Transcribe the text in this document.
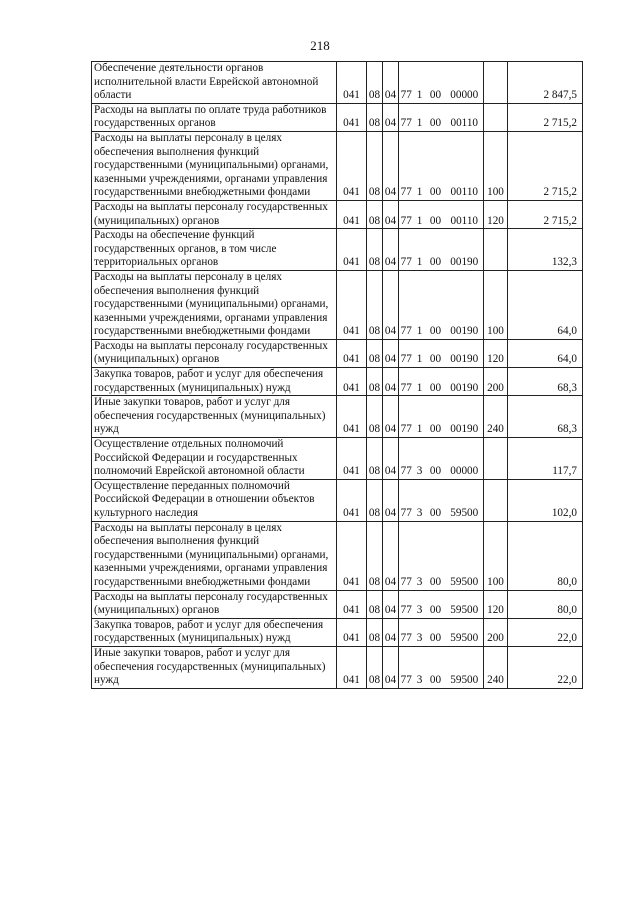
218
Обеспечение деятельности органов исполнительной власти Еврейской автономной области	041	08	04	77	1	00	00000		2 847,5
Расходы на выплаты по оплате труда работников государственных органов	041	08	04	77	1	00	00110		2 715,2
Расходы на выплаты персоналу в целях обеспечения выполнения функций государственными (муниципальными) органами, казенными учреждениями, органами управления государственными внебюджетными фондами	041	08	04	77	1	00	00110	100	2 715,2
Расходы на выплаты персоналу государственных (муниципальных) органов	041	08	04	77	1	00	00110	120	2 715,2
Расходы на обеспечение функций государственных органов, в том числе территориальных органов	041	08	04	77	1	00	00190		132,3
Расходы на выплаты персоналу в целях обеспечения выполнения функций государственными (муниципальными) органами, казенными учреждениями, органами управления государственными внебюджетными фондами	041	08	04	77	1	00	00190	100	64,0
Расходы на выплаты персоналу государственных (муниципальных) органов	041	08	04	77	1	00	00190	120	64,0
Закупка товаров, работ и услуг для обеспечения государственных (муниципальных) нужд	041	08	04	77	1	00	00190	200	68,3
Иные закупки товаров, работ и услуг для обеспечения государственных (муниципальных) нужд	041	08	04	77	1	00	00190	240	68,3
Осуществление отдельных полномочий Российской Федерации и государственных полномочий Еврейской автономной области	041	08	04	77	3	00	00000		117,7
Осуществление переданных полномочий Российской Федерации в отношении объектов культурного наследия	041	08	04	77	3	00	59500		102,0
Расходы на выплаты персоналу в целях обеспечения выполнения функций государственными (муниципальными) органами, казенными учреждениями, органами управления государственными внебюджетными фондами	041	08	04	77	3	00	59500	100	80,0
Расходы на выплаты персоналу государственных (муниципальных) органов	041	08	04	77	3	00	59500	120	80,0
Закупка товаров, работ и услуг для обеспечения государственных (муниципальных) нужд	041	08	04	77	3	00	59500	200	22,0
Иные закупки товаров, работ и услуг для обеспечения государственных (муниципальных) нужд	041	08	04	77	3	00	59500	240	22,0
